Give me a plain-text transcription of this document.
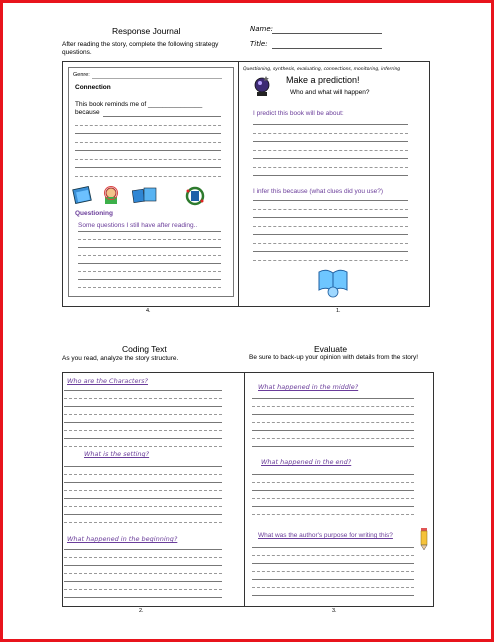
Response Journal
After reading the story, complete the following strategy questions.
Name:
Title:
Genre:
Connection
This book reminds me of _______________
because
Questioning
Some questions I still have after reading..
Questioning, synthesis, evaluating, connections, monitoring, inferring
Make a prediction!
Who and what will happen?
I predict this book will be about:
I infer this because (what clues did you use?)
4.	1.
Coding Text
As you read, analyze the story structure.
Evaluate
Be sure to back-up your opinion with details from the story!
Who are the Characters?
What is the setting?
What happened in the beginning?
What happened in the middle?
What happened in the end?
What was the author's purpose for writing this?
2.	3.
